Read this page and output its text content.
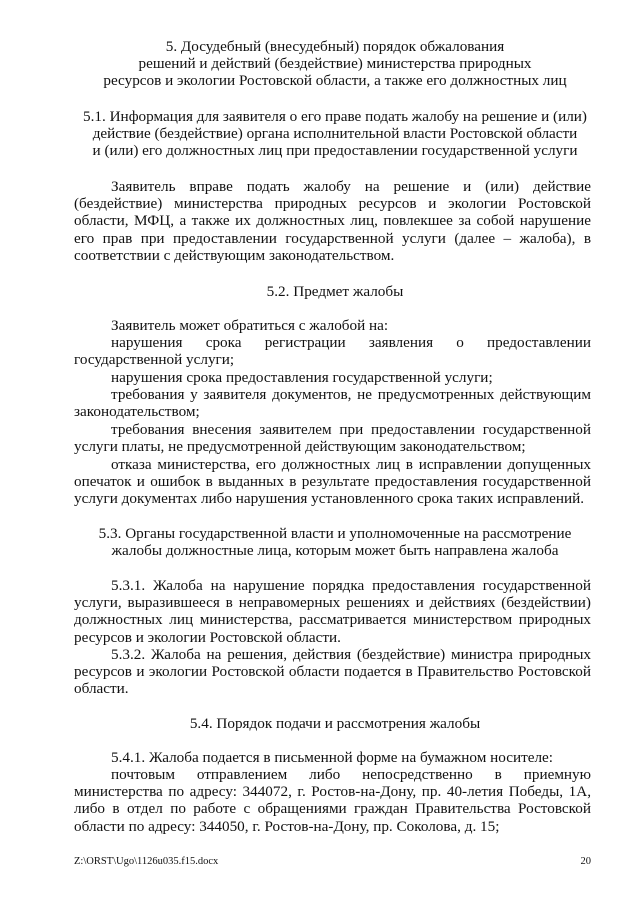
5. Досудебный (внесудебный) порядок обжалования
решений и действий (бездействие) министерства природных
ресурсов и экологии Ростовской области, а также его должностных лиц
5.1. Информация для заявителя о его праве подать жалобу на решение и (или)
действие (бездействие) органа исполнительной власти Ростовской области
и (или) его должностных лиц при предоставлении государственной услуги

Заявитель вправе подать жалобу на решение и (или) действие (бездействие) министерства природных ресурсов и экологии Ростовской области, МФЦ, а также их должностных лиц, повлекшее за собой нарушение его прав при предоставлении государственной услуги (далее – жалоба), в соответствии с действующим законодательством.

5.2. Предмет жалобы

Заявитель может обратиться с жалобой на:

нарушения срока регистрации заявления о предоставлении государственной услуги;

нарушения срока предоставления государственной услуги;

требования у заявителя документов, не предусмотренных действующим законодательством;

требования внесения заявителем при предоставлении государственной услуги платы, не предусмотренной действующим законодательством;

отказа министерства, его должностных лиц в исправлении допущенных опечаток и ошибок в выданных в результате предоставления государственной услуги документах либо нарушения установленного срока таких исправлений.

5.3. Органы государственной власти и уполномоченные на рассмотрение
жалобы должностные лица, которым может быть направлена жалоба

5.3.1. Жалоба на нарушение порядка предоставления государственной услуги, выразившееся в неправомерных решениях и действиях (бездействии) должностных лиц министерства, рассматривается министерством природных ресурсов и экологии Ростовской области.

5.3.2. Жалоба на решения, действия (бездействие) министра природных ресурсов и экологии Ростовской области подается в Правительство Ростовской области.

5.4. Порядок подачи и рассмотрения жалобы

5.4.1. Жалоба подается в письменной форме на бумажном носителе:

почтовым отправлением либо непосредственно в приемную министерства по адресу: 344072, г. Ростов-на-Дону, пр. 40-летия Победы, 1А, либо в отдел по работе с обращениями граждан Правительства Ростовской области по адресу: 344050, г. Ростов-на-Дону, пр. Соколова, д. 15;

Z:\ORST\Ugo\1126u035.f15.docx	20
